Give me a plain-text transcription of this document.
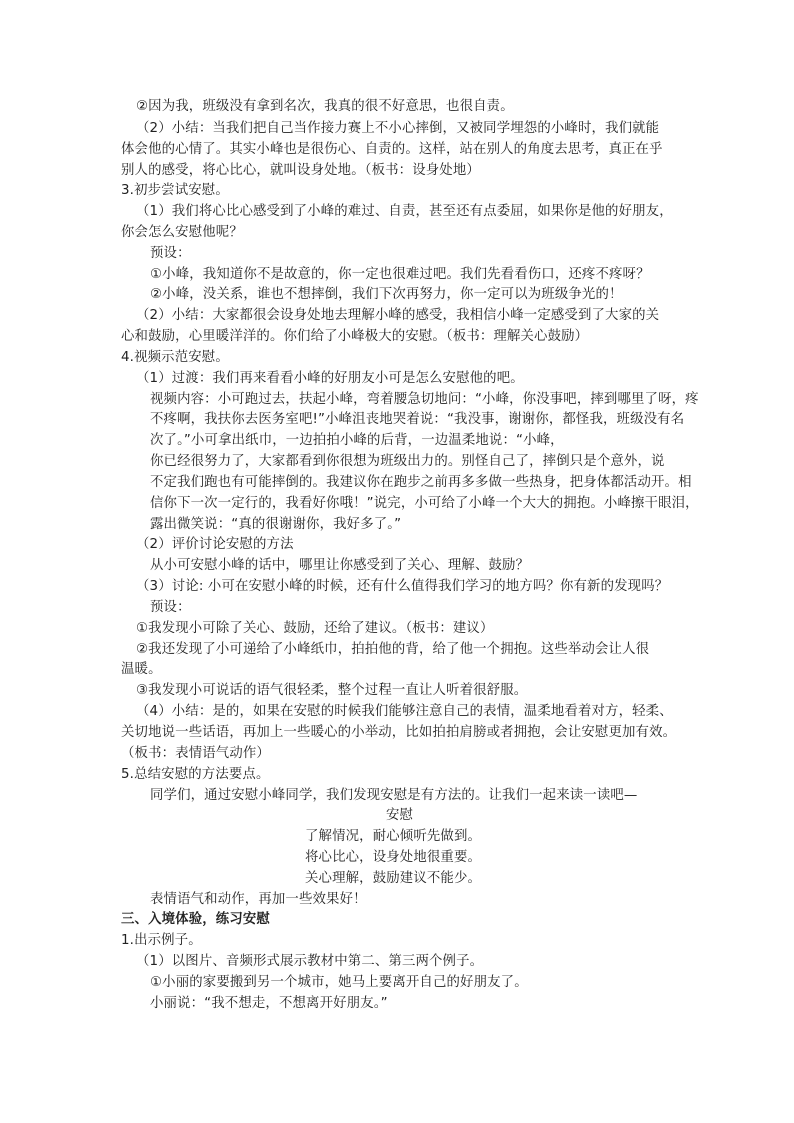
②因为我，班级没有拿到名次，我真的很不好意思，也很自责。
（2）小结：当我们把自己当作接力赛上不小心摔倒，又被同学埋怨的小峰时，我们就能
体会他的心情了。其实小峰也是很伤心、自责的。这样，站在别人的角度去思考，真正在乎
别人的感受，将心比心，就叫设身处地。（板书：设身处地）
3.初步尝试安慰。
（1）我们将心比心感受到了小峰的难过、自责，甚至还有点委屈，如果你是他的好朋友，
你会怎么安慰他呢？
预设：
①小峰，我知道你不是故意的，你一定也很难过吧。我们先看看伤口，还疼不疼呀？
②小峰，没关系，谁也不想摔倒，我们下次再努力，你一定可以为班级争光的！
（2）小结：大家都很会设身处地去理解小峰的感受，我相信小峰一定感受到了大家的关
心和鼓励，心里暖洋洋的。你们给了小峰极大的安慰。（板书：理解关心鼓励）
4.视频示范安慰。
（1）过渡：我们再来看看小峰的好朋友小可是怎么安慰他的吧。
视频内容：小可跑过去，扶起小峰，弯着腰急切地问：“小峰，你没事吧，摔到哪里了呀，疼
不疼啊，我扶你去医务室吧!”小峰沮丧地哭着说：“我没事，谢谢你，都怪我，班级没有名
次了。”小可拿出纸巾，一边拍拍小峰的后背，一边温柔地说：“小峰，
你已经很努力了，大家都看到你很想为班级出力的。别怪自己了，摔倒只是个意外，说
不定我们跑也有可能摔倒的。我建议你在跑步之前再多多做一些热身，把身体都活动开。相
信你下一次一定行的，我看好你哦！”说完，小可给了小峰一个大大的拥抱。小峰擦干眼泪，
露出微笑说：“真的很谢谢你，我好多了。”
（2）评价讨论安慰的方法
从小可安慰小峰的话中，哪里让你感受到了关心、理解、鼓励？
（3）讨论: 小可在安慰小峰的时候，还有什么值得我们学习的地方吗？你有新的发现吗？
预设：
①我发现小可除了关心、鼓励，还给了建议。（板书：建议）
②我还发现了小可递给了小峰纸巾，拍拍他的背，给了他一个拥抱。这些举动会让人很
温暖。
③我发现小可说话的语气很轻柔，整个过程一直让人听着很舒服。
（4）小结：是的，如果在安慰的时候我们能够注意自己的表情，温柔地看着对方，轻柔、
关切地说一些话语，再加上一些暖心的小举动，比如拍拍肩膀或者拥抱，会让安慰更加有效。
（板书：表情语气动作）
5.总结安慰的方法要点。
同学们，通过安慰小峰同学，我们发现安慰是有方法的。让我们一起来读一读吧—
安慰
了解情况，耐心倾听先做到。
将心比心，设身处地很重要。
关心理解，鼓励建议不能少。
表情语气和动作，再加一些效果好！
三、入境体验，练习安慰
1.出示例子。
（1）以图片、音频形式展示教材中第二、第三两个例子。
①小丽的家要搬到另一个城市，她马上要离开自己的好朋友了。
小丽说：“我不想走，不想离开好朋友。”
